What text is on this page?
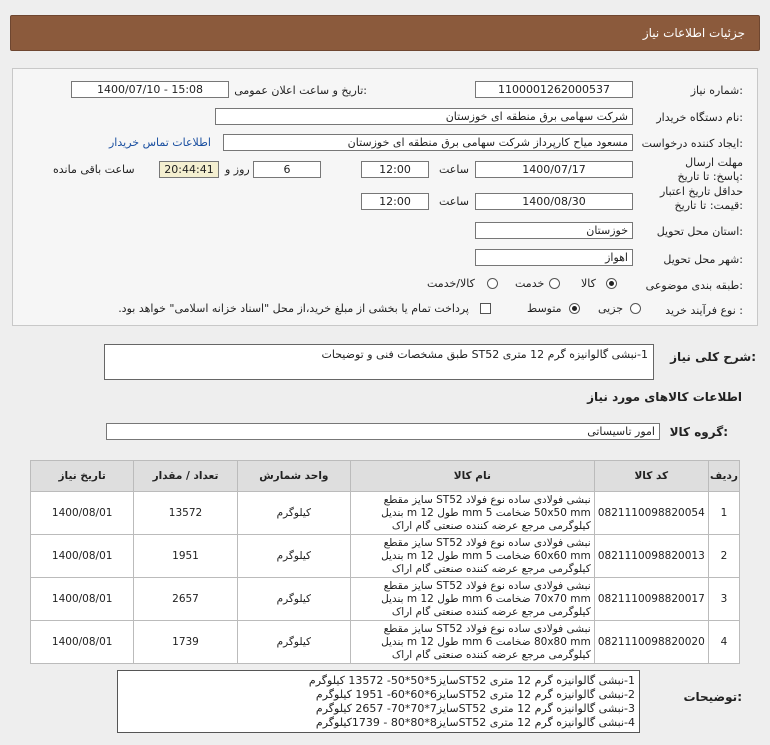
جزئیات اطلاعات نیاز
شماره نیاز:
1100001262000537
تاریخ و ساعت اعلان عمومی:
1400/07/10 - 15:08
نام دستگاه خریدار:
شرکت سهامی برق منطقه ای خوزستان
ایجاد کننده درخواست:
مسعود میاح کارپرداز شرکت سهامی برق منطقه ای خوزستان
اطلاعات تماس خریدار
مهلت ارسال پاسخ: تا تاریخ:
1400/07/17
ساعت
12:00
6
روز و
20:44:41
ساعت باقی مانده
حداقل تاریخ اعتبار قیمت: تا تاریخ:
1400/08/30
ساعت
12:00
استان محل تحویل:
خوزستان
شهر محل تحویل:
اهواز
طبقه بندی موضوعی:
کالا
خدمت
کالا/خدمت
نوع فرآیند خرید :
جزیی
متوسط
پرداخت تمام یا بخشی از مبلغ خرید،از محل "اسناد خزانه اسلامی" خواهد بود.
شرح کلی نیاز:
1-نبشی گالوانیزه گرم 12 متری ST52 طبق مشخصات فنی و توضیحات
اطلاعات کالاهای مورد نیاز
گروه کالا:
امور تاسیساتی
ردیف	کد کالا	نام کالا	واحد شمارش	تعداد / مقدار	تاریخ نیاز
1	0821110098820054	نبشی فولادی ساده نوع فولاد ST52 سایز مقطع 50x50 mm ضخامت 5 mm طول 12 m بندیل کیلوگرمی مرجع عرضه کننده صنعتی گام اراک	کیلوگرم	13572	1400/08/01
2	0821110098820013	نبشی فولادی ساده نوع فولاد ST52 سایز مقطع 60x60 mm ضخامت 5 mm طول 12 m بندیل کیلوگرمی مرجع عرضه کننده صنعتی گام اراک	کیلوگرم	1951	1400/08/01
3	0821110098820017	نبشی فولادی ساده نوع فولاد ST52 سایز مقطع 70x70 mm ضخامت 6 mm طول 12 m بندیل کیلوگرمی مرجع عرضه کننده صنعتی گام اراک	کیلوگرم	2657	1400/08/01
4	0821110098820020	نبشی فولادی ساده نوع فولاد ST52 سایز مقطع 80x80 mm ضخامت 6 mm طول 12 m بندیل کیلوگرمی مرجع عرضه کننده صنعتی گام اراک	کیلوگرم	1739	1400/08/01
توضیحات:
1-نبشی گالوانیزه گرم 12 متری ST52سایز5*50*50- 13572 کیلوگرم
2-نبشی گالوانیزه گرم 12 متری ST52سایز6*60*60- 1951 کیلوگرم
3-نبشی گالوانیزه گرم 12 متری ST52سایز7*70*70- 2657 کیلوگرم
4-نبشی گالوانیزه گرم 12 متری ST52سایز8*80*80 - 1739کیلوگرم
